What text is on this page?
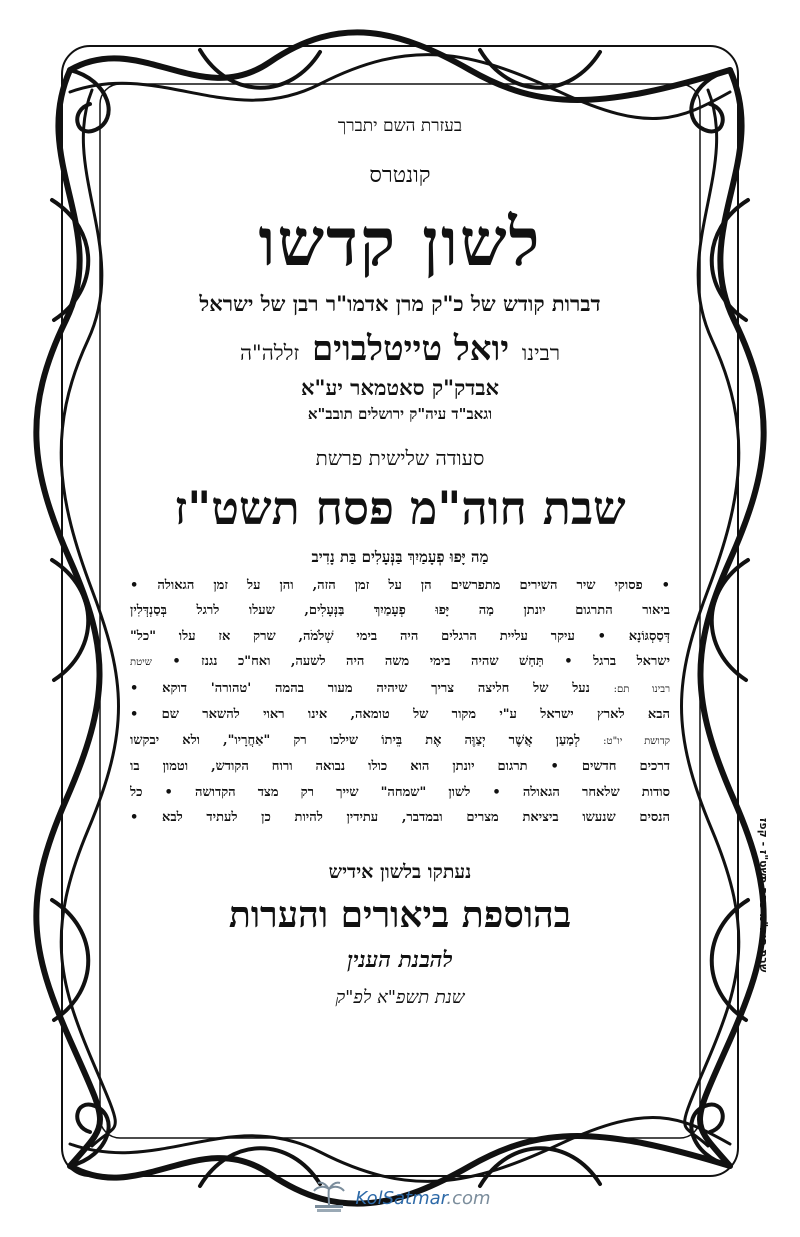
בעזרת השם יתברך
קונטרס
לשון קדשו
דברות קודש של כ"ק מרן אדמו"ר רבן של ישראל
רבינו יואל טייטלבוים זללה"ה
אבדק"ק סאטמאר יע"א
וגאב"ד עיה"ק ירושלים תובב"א
סעודה שלישית פרשת
שבת חוה"מ פסח תשט"ז
מַה יָּפוּ פְעָמַיִךְ בַּנְּעָלִים בַּת נָדִיב

• פסוקי שיר השירים מתפרשים הן על זמן הזה, והן על זמן הגאולה •

ביאור התרגום יונתן מַה יָּפוּ פְעָמַיִךְ בַּנְּעָלִים, שעלו לרגל בְּסַנְדְּלִין

דְּסַסְגּוֹנָא • עיקר עליית הרגלים היה בימי שְׁלֹמֹה, שרק אז עלו "כל"

ישראל ברגל • תַּחַשׁ שהיה בימי משה היה לשעה, ואח"כ נגנז • שיטת

רבינו תם: נעל של חליצה צריך שיהיה מעור בהמה 'טהורה' דוקא •

הבא לארץ ישראל ע"י מקור של טומאה, אינו ראוי להשאר שם •

קדושת יו"ט: לְמַעַן אֲשֶׁר יְצַוֶּה אֶת בֵּיתוֹ שילכו רק "אַחֲרָיו", ולא יבקשו

דרכים חדשים • תרגום יונתן הוא כולו נבואה ורוח הקודש, וטמון בו

סודות שלאחר הגאולה • לשון "שמחה" שייך רק מצד הקדושה • כל

הנסים שנעשו ביציאת מצרים ובמדבר, עתידין להיות כן לעתיד לבא •

נעתקו בלשון אידיש
בהוספת ביאורים והערות
להבנת הענין
שנת תשפ"א לפ"ק
שבת חוה"מ פסח תשט"ז - קפז
KolSatmar.com
